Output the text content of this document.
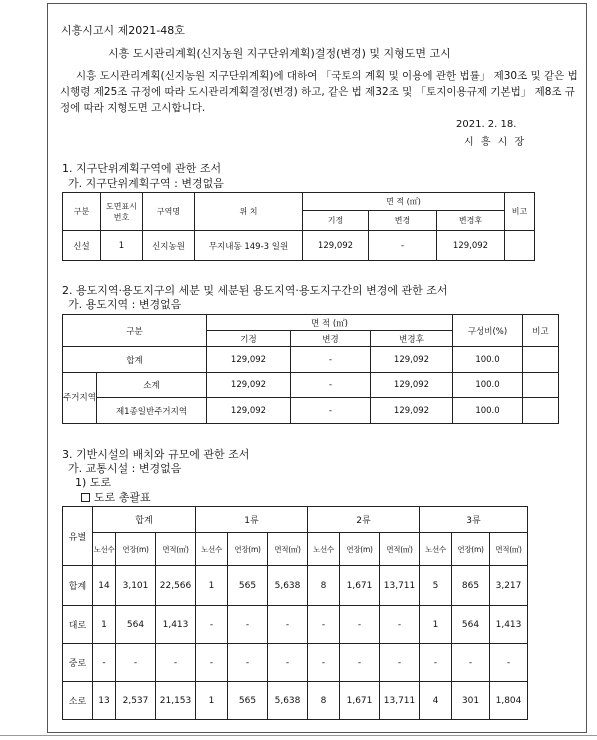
시흥시고시 제2021-48호
시흥 도시관리계획(신지농원 지구단위계획)결정(변경) 및 지형도면 고시
시흥 도시관리계획(신지농원 지구단위계획)에 대하여 「국토의 계획 및 이용에 관한 법률」 제30조 및 같은 법 시행령 제25조 규정에 따라 도시관리계획결정(변경) 하고, 같은 법 제32조 및 「토지이용규제 기본법」 제8조 규정에 따라 지형도면 고시합니다.
2021. 2. 18.
시 흥 시 장
1. 지구단위계획구역에 관한 조서
가. 지구단위계획구역 : 변경없음
구분	도면표시
번호	구역명	위 치	면 적 (㎡)			비고
				기정	변경	변경후	
신설	1	신지농원	무지내동 149-3 일원	129,092	-	129,092	
2. 용도지역·용도지구의 세분 및 세분된 용도지역·용도지구간의 변경에 관한 조서
가. 용도지역 : 변경없음
구분		면 적 (㎡)			구성비(%)	비고
		기정	변경	변경후		
합계		129,092	-	129,092	100.0	
주거지역	소계	129,092	-	129,092	100.0	
	제1종일반주거지역	129,092	-	129,092	100.0	
3. 기반시설의 배치와 규모에 관한 조서
가. 교통시설 : 변경없음
1) 도로
도로 총괄표
유별	합계			1류			2류			3류		
	노선수	연장(m)	면적(㎡)	노선수	연장(m)	면적(㎡)	노선수	연장(m)	면적(㎡)	노선수	연장(m)	면적(㎡)
합계	14	3,101	22,566	1	565	5,638	8	1,671	13,711	5	865	3,217
대로	1	564	1,413	-	-	-	-	-	-	1	564	1,413
중로	-	-	-	-	-	-	-	-	-	-	-	-
소로	13	2,537	21,153	1	565	5,638	8	1,671	13,711	4	301	1,804
